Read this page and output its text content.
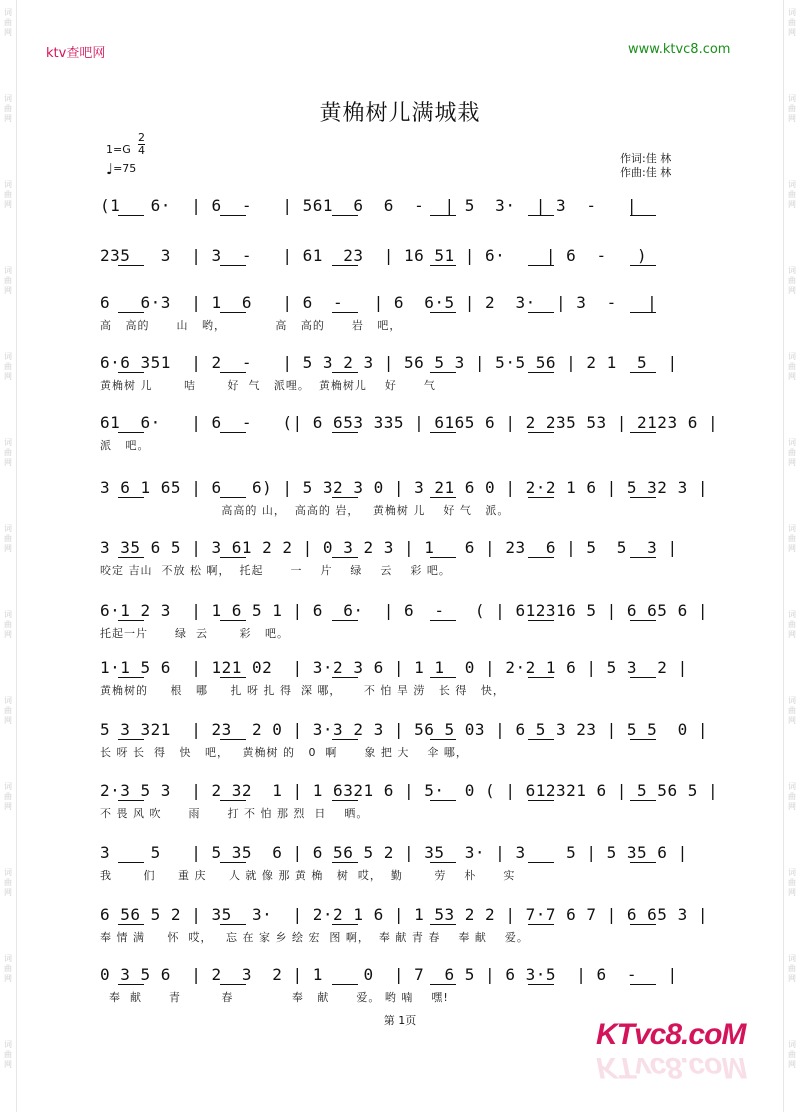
词曲网
词曲网
词曲网
词曲网
词曲网
词曲网
词曲网
词曲网
词曲网
词曲网
词曲网
词曲网
词曲网
词曲网
词曲网
词曲网
词曲网
词曲网
词曲网
词曲网
词曲网
词曲网
词曲网
词曲网
词曲网
词曲网
ktv查吧网	www.ktvc8.com
黄桷树儿满城栽
1=G
2
4
♩=75
作词:佳 林
作曲:佳 林
(1   6·  | 6  -   | 561  6  6  -  | 5  3·  | 3  -   |
235   3  | 3  -   | 61  23  | 16 51 | 6·    | 6  -   )
6   6·3  | 1  6   | 6  -   | 6  6·5 | 2  3·  | 3  -   |
高   高的      山   哟，           高   高的      岩   吧，
6·6 351  | 2  -   | 5 3 2 3 | 56 5 3 | 5·5 56 | 2 1  5  |
黄桷树 儿       咭       好  气   派哩。  黄桷树儿    好      气
61  6·   | 6  -   (| 6 653 335 | 6165 6 | 2 235 53 | 2123 6 |
派   吧。
3 6 1 65 | 6   6) | 5 32 3 0 | 3 21 6 0 | 2·2 1 6 | 5 32 3 |
高高的 山，  高高的 岩，   黄桷树 儿    好 气   派。
3 35 6 5 | 3 61 2 2 | 0 3 2 3 | 1   6 | 23  6 | 5  5  3 |
咬定 吉山  不放 松 啊，  托起      一    片    绿    云    彩 吧。
6·1 2 3  | 1 6 5 1 | 6  6·  | 6  -   ( | 612316 5 | 6 65 6 |
托起一片      绿  云       彩   吧。
1·1 5 6  | 121 02  | 3·2 3 6 | 1 1  0 | 2·2 1 6 | 5 3  2 |
黄桷树的     根   哪     扎 呀 扎 得  深 哪，     不 怕 旱 涝   长 得   快，
5 3 321  | 23  2 0 | 3·3 2 3 | 56 5 03 | 6 5 3 23 | 5 5  0 |
长 呀 长  得   快   吧，   黄桷树 的   0  啊      象 把 大    伞 哪，
2·3 5 3  | 2 32  1 | 1 6321 6 | 5·  0 ( | 612321 6 | 5 56 5 |
不 畏 风 吹      雨      打 不 怕 那 烈  日    晒。
3    5   | 5 35  6 | 6 56 5 2 | 35  3· | 3    5 | 5 35 6 |
我       们     重 庆     人 就 像 那 黄 桷   树  哎，  勤       劳    朴      实
6 56 5 2 | 35  3·  | 2·2 1 6 | 1 53 2 2 | 7·7 6 7 | 6 65 3 |
奉 情 满     怀  哎，   忘 在 家 乡 绘 宏  图 啊，  奉 献 青 春    奉 献    爱。
0 3 5 6  | 2  3  2 | 1    0  | 7  6 5 | 6 3·5  | 6  -   |
奉  献      青         春             奉   献      爱。 哟 喃    嘿!
第 1页	KTvc8.coM
KTvc8.coM
